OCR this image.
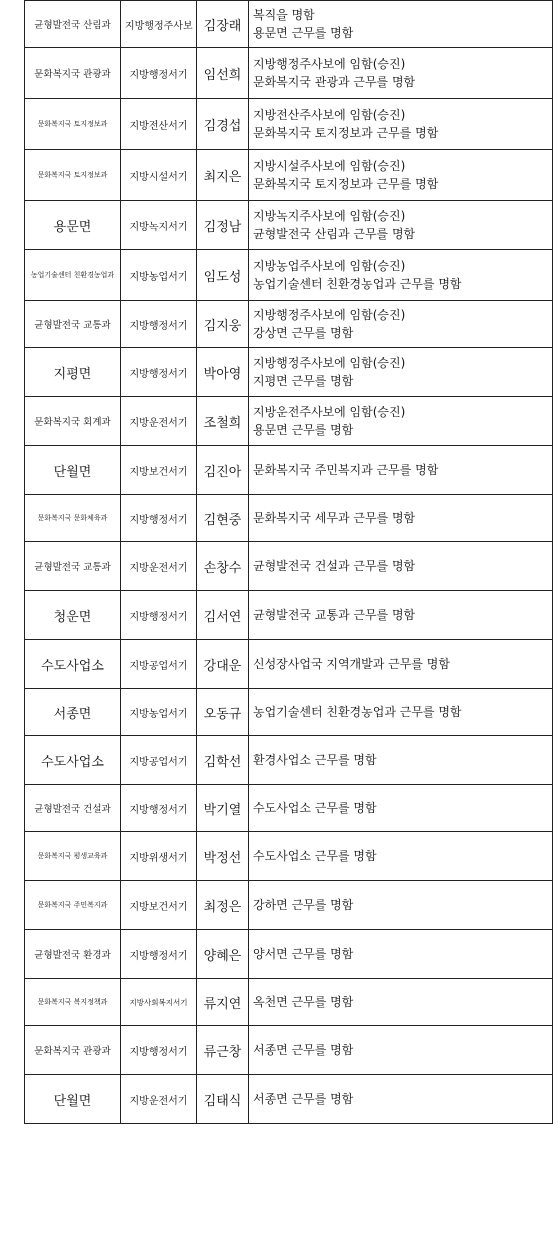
균형발전국 산림과	지방행정주사보	김장래	복직을 명함
용문면 근무를 명함

문화복지국 관광과	지방행정서기	임선희	지방행정주사보에 임함(승진)
문화복지국 관광과 근무를 명함

문화복지국 토지정보과	지방전산서기	김경섭	지방전산주사보에 임함(승진)
문화복지국 토지정보과 근무를 명함

문화복지국 토지정보과	지방시설서기	최지은	지방시설주사보에 임함(승진)
문화복지국 토지정보과 근무를 명함

용문면	지방녹지서기	김정남	지방녹지주사보에 임함(승진)
균형발전국 산림과 근무를 명함

농업기술센터 친환경농업과	지방농업서기	임도성	지방농업주사보에 임함(승진)
농업기술센터 친환경농업과 근무를 명함

균형발전국 교통과	지방행정서기	김지웅	지방행정주사보에 임함(승진)
강상면 근무를 명함

지평면	지방행정서기	박아영	지방행정주사보에 임함(승진)
지평면 근무를 명함

문화복지국 회계과	지방운전서기	조철희	지방운전주사보에 임함(승진)
용문면 근무를 명함

단월면	지방보건서기	김진아	문화복지국 주민복지과 근무를 명함

문화복지국 문화체육과	지방행정서기	김현중	문화복지국 세무과 근무를 명함

균형발전국 교통과	지방운전서기	손창수	균형발전국 건설과 근무를 명함

청운면	지방행정서기	김서연	균형발전국 교통과 근무를 명함

수도사업소	지방공업서기	강대운	신성장사업국 지역개발과 근무를 명함

서종면	지방농업서기	오동규	농업기술센터 친환경농업과 근무를 명함

수도사업소	지방공업서기	김학선	환경사업소 근무를 명함

균형발전국 건설과	지방행정서기	박기열	수도사업소 근무를 명함

문화복지국 평생교육과	지방위생서기	박정선	수도사업소 근무를 명함

문화복지국 주민복지과	지방보건서기	최정은	강하면 근무를 명함

균형발전국 환경과	지방행정서기	양혜은	양서면 근무를 명함

문화복지국 복지정책과	지방사회복지서기	류지연	옥천면 근무를 명함

문화복지국 관광과	지방행정서기	류근창	서종면 근무를 명함

단월면	지방운전서기	김태식	서종면 근무를 명함
